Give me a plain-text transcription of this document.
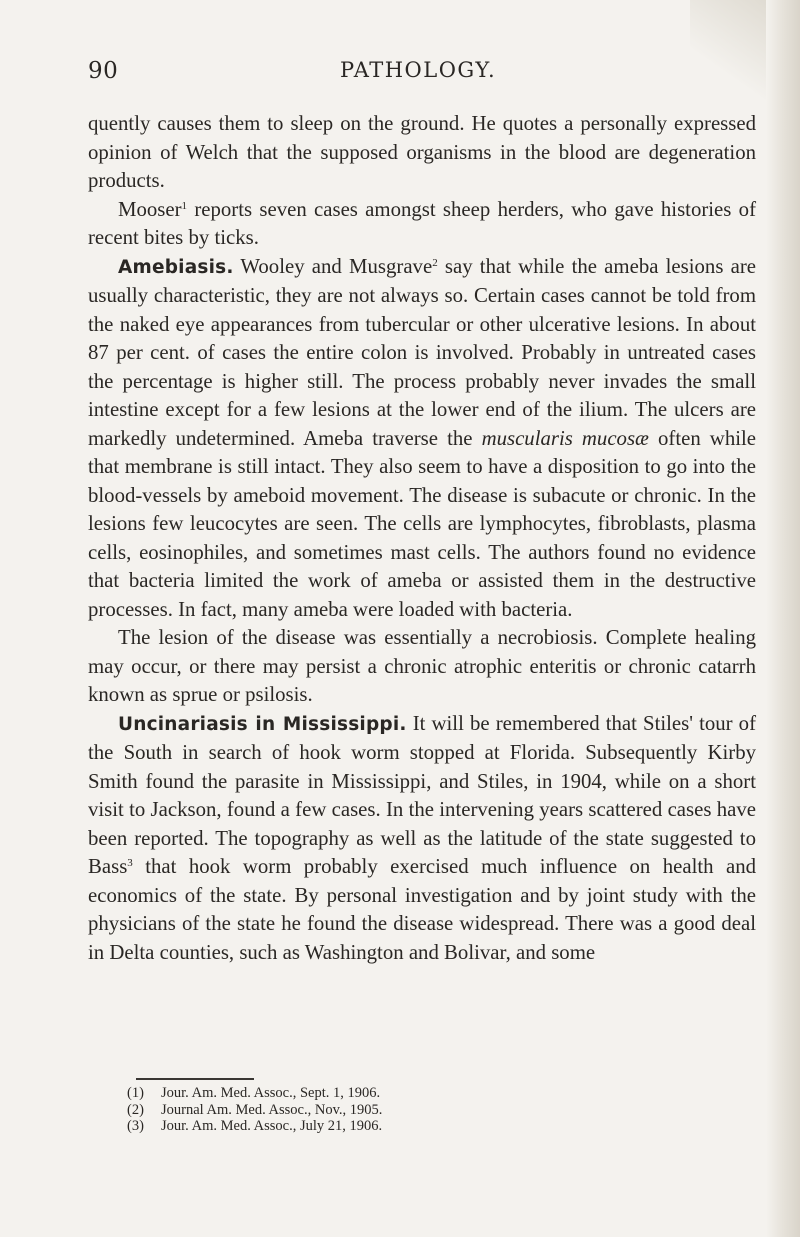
90	PATHOLOGY.

quently causes them to sleep on the ground. He quotes a personally expressed opinion of Welch that the supposed organisms in the blood are degeneration products.

Mooser$^1$ reports seven cases amongst sheep herders, who gave histories of recent bites by ticks.

Amebiasis. Wooley and Musgrave$^2$ say that while the ameba lesions are usually characteristic, they are not always so. Certain cases cannot be told from the naked eye appearances from tubercular or other ulcerative lesions. In about 87 per cent. of cases the entire colon is involved. Probably in untreated cases the percentage is higher still. The process probably never invades the small intestine except for a few lesions at the lower end of the ilium. The ulcers are markedly undetermined. Ameba traverse the muscularis mucosæ often while that membrane is still intact. They also seem to have a disposition to go into the blood-vessels by ameboid movement. The disease is subacute or chronic. In the lesions few leucocytes are seen. The cells are lymphocytes, fibroblasts, plasma cells, eosinophiles, and sometimes mast cells. The authors found no evidence that bacteria limited the work of ameba or assisted them in the destructive processes. In fact, many ameba were loaded with bacteria.

The lesion of the disease was essentially a necrobiosis. Complete healing may occur, or there may persist a chronic atrophic enteritis or chronic catarrh known as sprue or psilosis.

Uncinariasis in Mississippi. It will be remembered that Stiles' tour of the South in search of hook worm stopped at Florida. Subsequently Kirby Smith found the parasite in Mississippi, and Stiles, in 1904, while on a short visit to Jackson, found a few cases. In the intervening years scattered cases have been reported. The topography as well as the latitude of the state suggested to Bass$^3$ that hook worm probably exercised much influence on health and economics of the state. By personal investigation and by joint study with the physicians of the state he found the disease widespread. There was a good deal in Delta counties, such as Washington and Bolivar, and some

(1) Jour. Am. Med. Assoc., Sept. 1, 1906.
(2) Journal Am. Med. Assoc., Nov., 1905.
(3) Jour. Am. Med. Assoc., July 21, 1906.
